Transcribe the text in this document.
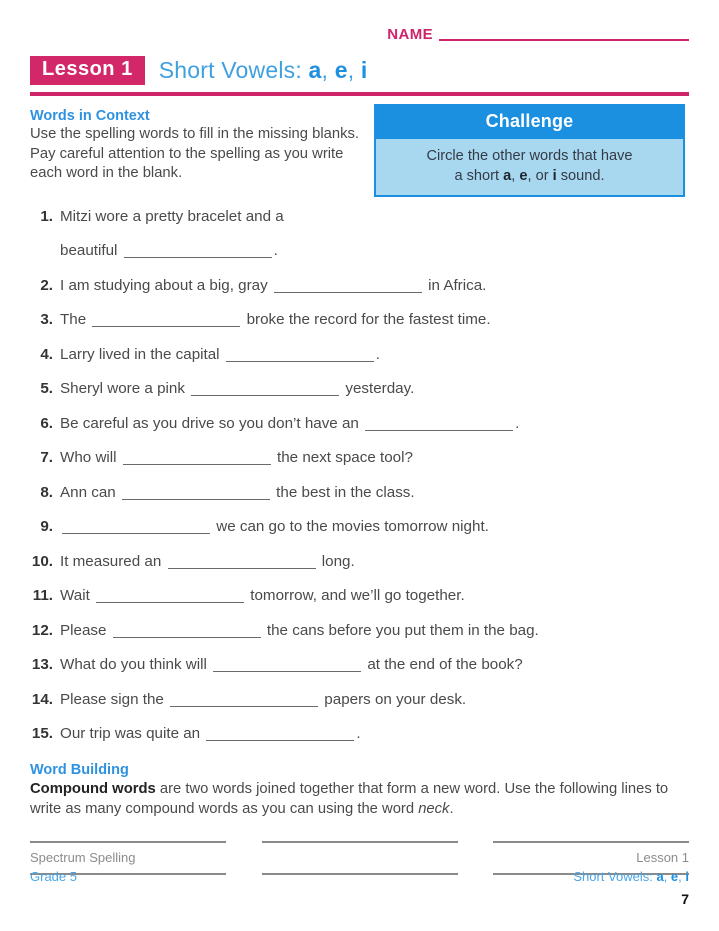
NAME
Lesson 1	Short Vowels: a, e, i
Words in Context
Use the spelling words to fill in the missing blanks. Pay careful attention to the spelling as you write each word in the blank.
Challenge
Circle the other words that have
a short a, e, or i sound.
1. Mitzi wore a pretty bracelet and a
beautiful	.
2. I am studying about a big, gray	in Africa.
3. The	broke the record for the fastest time.
4. Larry lived in the capital	.
5. Sheryl wore a pink	yesterday.
6. Be careful as you drive so you don’t have an	.
7. Who will	the next space tool?
8. Ann can	the best in the class.
9.	we can go to the movies tomorrow night.
10. It measured an	long.
11. Wait	tomorrow, and we’ll go together.
12. Please	the cans before you put them in the bag.
13. What do you think will	at the end of the book?
14. Please sign the	papers on your desk.
15. Our trip was quite an	.
Word Building
Compound words are two words joined together that form a new word. Use the following lines to write as many compound words as you can using the word neck.
Spectrum Spelling
Grade 5
Lesson 1
Short Vowels: a, e, i
7
